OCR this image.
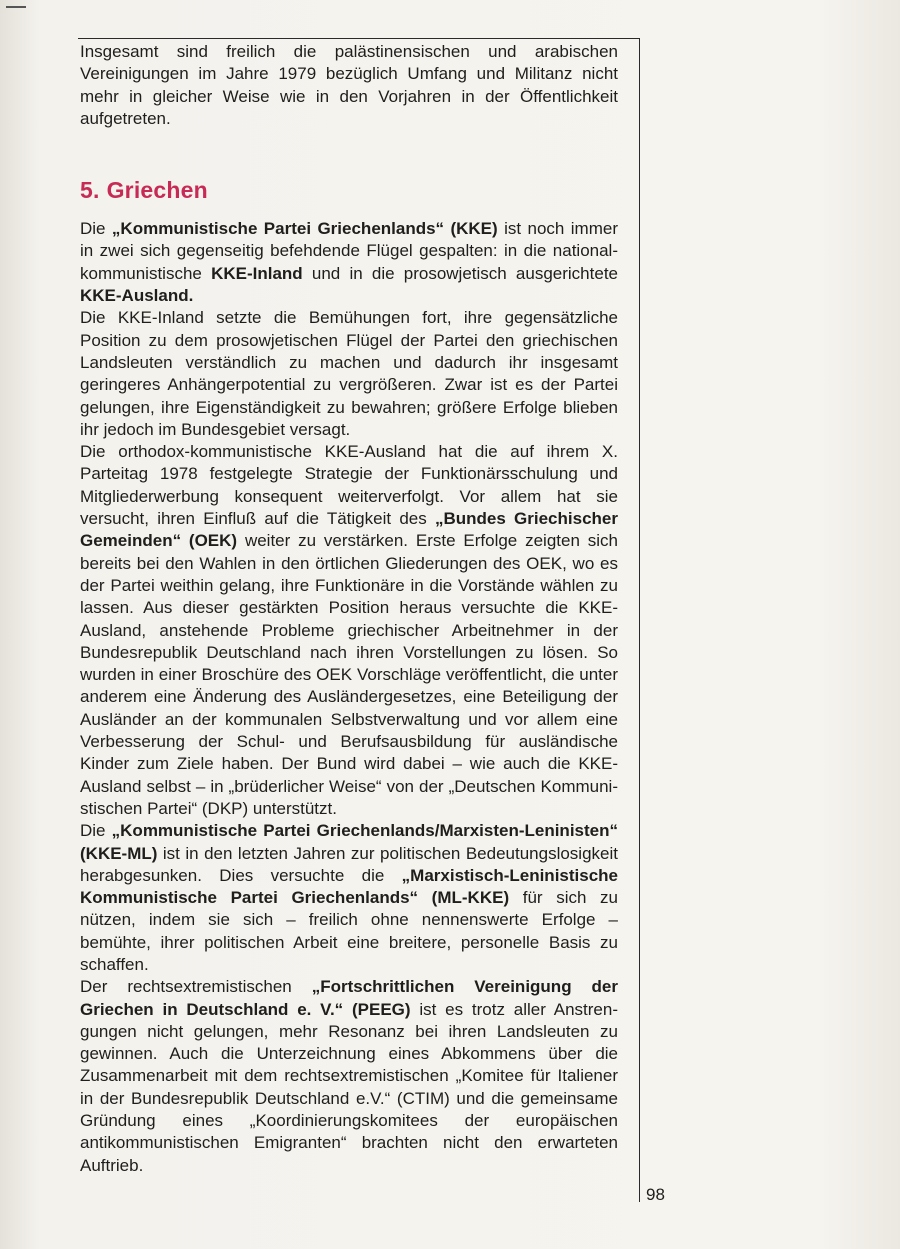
Insgesamt sind freilich die palästinensischen und arabischen Vereinigungen im Jahre 1979 bezüglich Umfang und Militanz nicht mehr in gleicher Weise wie in den Vorjahren in der Öffentlichkeit aufgetreten.

5. Griechen

Die „Kommunistische Partei Griechenlands“ (KKE) ist noch immer in zwei sich gegenseitig befehdende Flügel gespalten: in die national-kommunistische KKE-Inland und in die prosowjetisch ausgerichtete KKE-Ausland.

Die KKE-Inland setzte die Bemühungen fort, ihre gegensätzliche Position zu dem prosowjetischen Flügel der Partei den griechischen Landsleuten verständlich zu machen und dadurch ihr insgesamt geringeres Anhängerpotential zu vergrößeren. Zwar ist es der Partei gelungen, ihre Eigenständigkeit zu bewahren; größere Erfolge blieben ihr jedoch im Bundesgebiet versagt.

Die orthodox-kommunistische KKE-Ausland hat die auf ihrem X. Parteitag 1978 festgelegte Strategie der Funktionärsschulung und Mitgliederwerbung konsequent weiterverfolgt. Vor allem hat sie versucht, ihren Einfluß auf die Tätigkeit des „Bundes Griechischer Gemeinden“ (OEK) weiter zu verstärken. Erste Erfolge zeigten sich bereits bei den Wahlen in den örtlichen Gliederungen des OEK, wo es der Partei weithin gelang, ihre Funktionäre in die Vorstände wählen zu lassen. Aus dieser gestärkten Position heraus versuchte die KKE-Ausland, anstehende Probleme griechischer Arbeitnehmer in der Bundesrepublik Deutschland nach ihren Vorstellungen zu lösen. So wurden in einer Broschüre des OEK Vorschläge veröffentlicht, die unter anderem eine Änderung des Ausländergesetzes, eine Beteiligung der Ausländer an der kommunalen Selbstverwaltung und vor allem eine Verbesserung der Schul- und Berufsausbildung für ausländische Kinder zum Ziele haben. Der Bund wird dabei – wie auch die KKE-Ausland selbst – in „brüderlicher Weise“ von der „Deutschen Kommunistischen Partei“ (DKP) unterstützt.

Die „Kommunistische Partei Griechenlands/Marxisten-Leninisten“ (KKE-ML) ist in den letzten Jahren zur politischen Bedeutungslosigkeit herabgesunken. Dies versuchte die „Marxistisch-Leninistische Kommunistische Partei Griechenlands“ (ML-KKE) für sich zu nützen, indem sie sich – freilich ohne nennenswerte Erfolge – bemühte, ihrer politischen Arbeit eine breitere, personelle Basis zu schaffen.

Der rechtsextremistischen „Fortschrittlichen Vereinigung der Griechen in Deutschland e. V.“ (PEEG) ist es trotz aller Anstrengungen nicht gelungen, mehr Resonanz bei ihren Landsleuten zu gewinnen. Auch die Unterzeichnung eines Abkommens über die Zusammenarbeit mit dem rechtsextremistischen „Komitee für Italiener in der Bundesrepublik Deutschland e.V.“ (CTIM) und die gemeinsame Gründung eines „Koordinierungskomitees der europäischen antikommunistischen Emigranten“ brachten nicht den erwarteten Auftrieb.

98
